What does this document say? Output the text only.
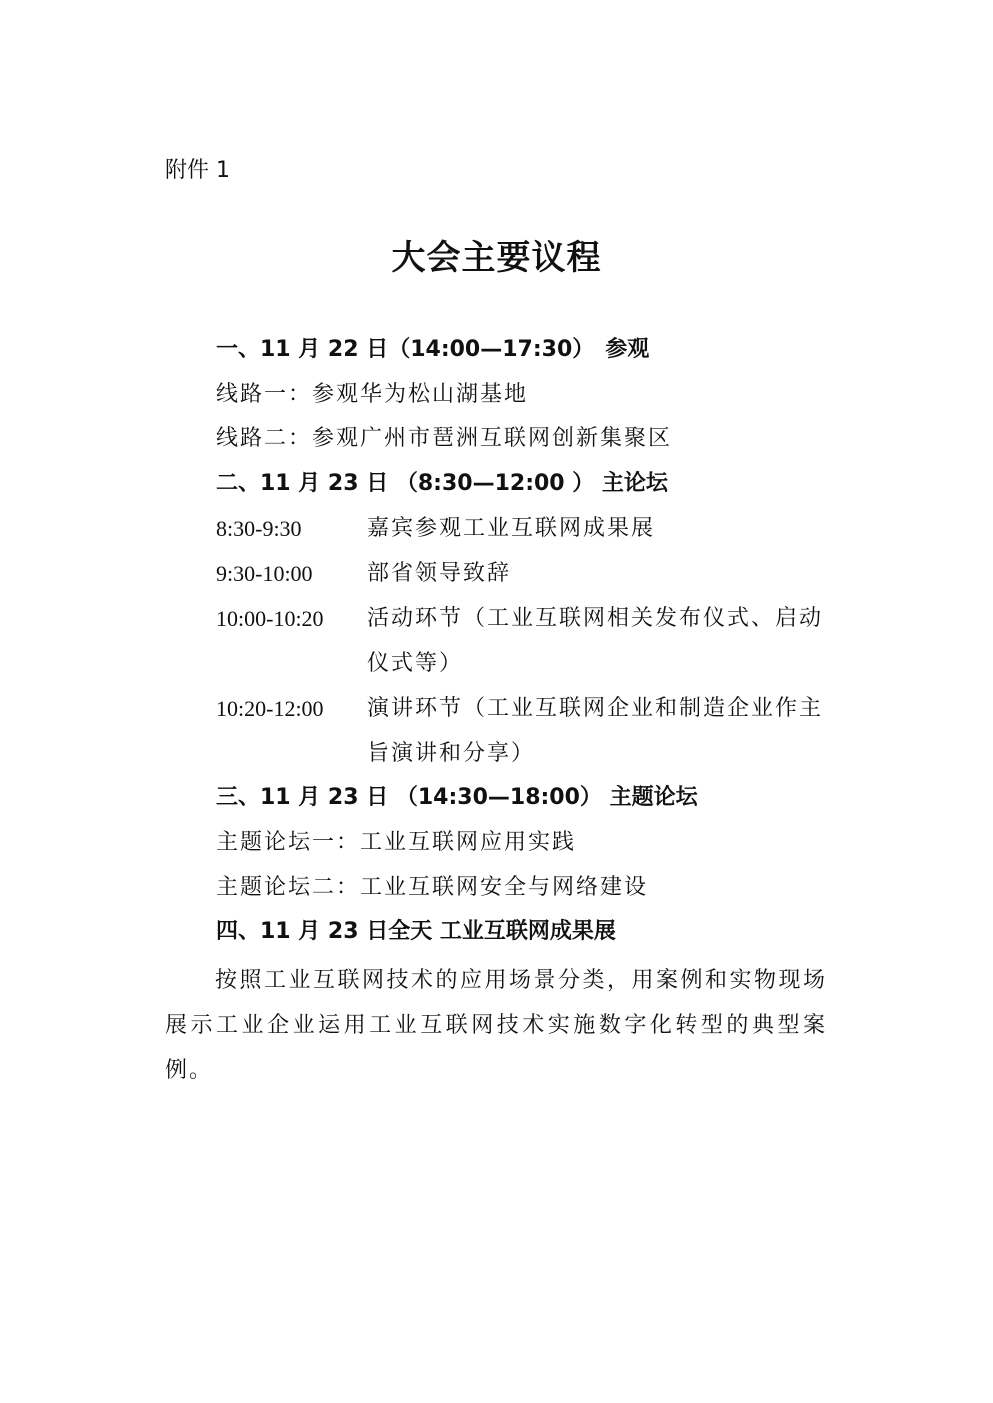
附件 1
大会主要议程
一、11 月 22 日（14:00—17:30）　参观
线路一：参观华为松山湖基地
线路二：参观广州市琶洲互联网创新集聚区
二、11 月 23 日 （8:30—12:00 ） 主论坛
8:30-9:30	嘉宾参观工业互联网成果展
9:30-10:00 部省领导致辞
10:00-10:20 活动环节（工业互联网相关发布仪式、启动仪式等）
10:20-12:00 演讲环节（工业互联网企业和制造企业作主旨演讲和分享）
三、11 月 23 日 （14:30—18:00） 主题论坛
主题论坛一：工业互联网应用实践
主题论坛二：工业互联网安全与网络建设
四、11 月 23 日全天 工业互联网成果展
按照工业互联网技术的应用场景分类，用案例和实物现场展示工业企业运用工业互联网技术实施数字化转型的典型案例。
